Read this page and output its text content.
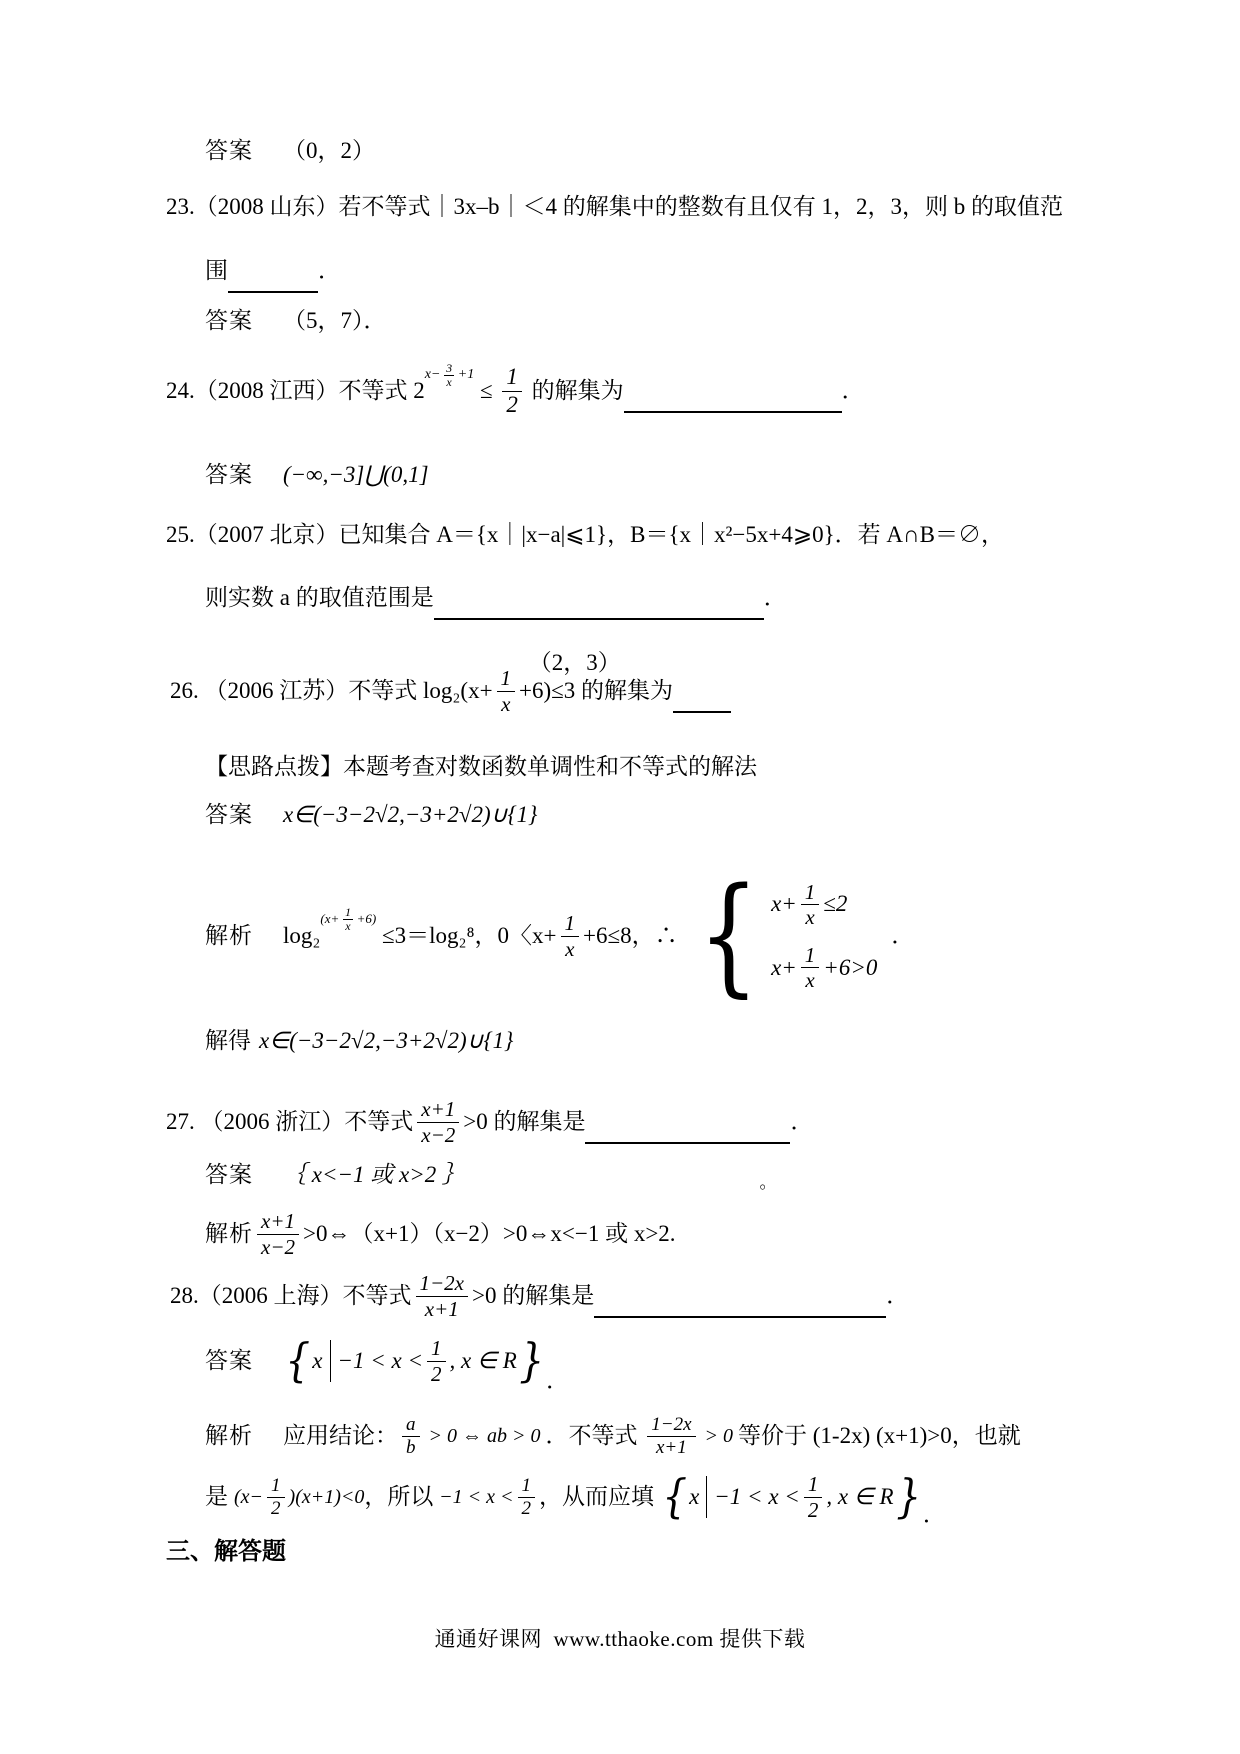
答案 （0，2）
23.（2008 山东）若不等式｜3x–b｜＜4 的解集中的整数有且仅有 1，2，3，则 b 的取值范
围	．
答案 （5，7）．
24.（2008 江西）不等式 2
$x- \frac{3}{x} +1$
≤ $\frac{1}{2}$ 的解集为	．
答案 (−∞,−3]⋃(0,1]
25.（2007 北京）已知集合 A＝{x｜|x−a|⩽1}，B＝{x｜x²−5x+4⩾0}．若 A∩B＝∅，
则实数 a 的取值范围是

（2，3）

．
26. （2006 江苏）不等式 $\log_2(x+ \frac{1}{x} +6)\le 3$ 的解集为
【思路点拨】本题考查对数函数单调性和不等式的解法
答案 x∈(−3−2√2,−3+2√2)∪{1}
解析 log₂
$(x+ \frac{1}{x} +6)$
≤3＝log₂⁸，0〈$x+ \frac{1}{x} +6\le 8$，∴ { $x+ \frac{1}{x} \le 2$
$x+ \frac{1}{x} +6>0$
．
解得 x∈(−3−2√2,−3+2√2)∪{1}
27. （2006 浙江）不等式 $\frac{x+1}{x-2} >0$ 的解集是

。

．
答案 ｛ x<−1 或 x>2 ｝
解析 $\frac{x+1}{x-2}$ >0⇔（x+1）（x−2）>0⇔x<−1 或 x>2.
28.（2006 上海）不等式 $\frac{1-2x}{x+1} >0$ 的解集是	．
答案 { $x -1 < x < \frac{1}{2}$ , x ∈ R } ．
解析 应用结论： $\frac{a}{b} > 0$ ⇔ ab > 0 ．不等式 $\frac{1-2x}{x+1} > 0$ 等价于 (1-2x) (x+1)>0，也就
是 $(x- \frac{1}{2} )(x+1)<0$ ，所以 $-1 < x < \frac{1}{2}$ ，从而应填 { $x -1 < x < \frac{1}{2}$ , x ∈ R } ．
三、解答题
通通好课网  www.tthaoke.com 提供下载
